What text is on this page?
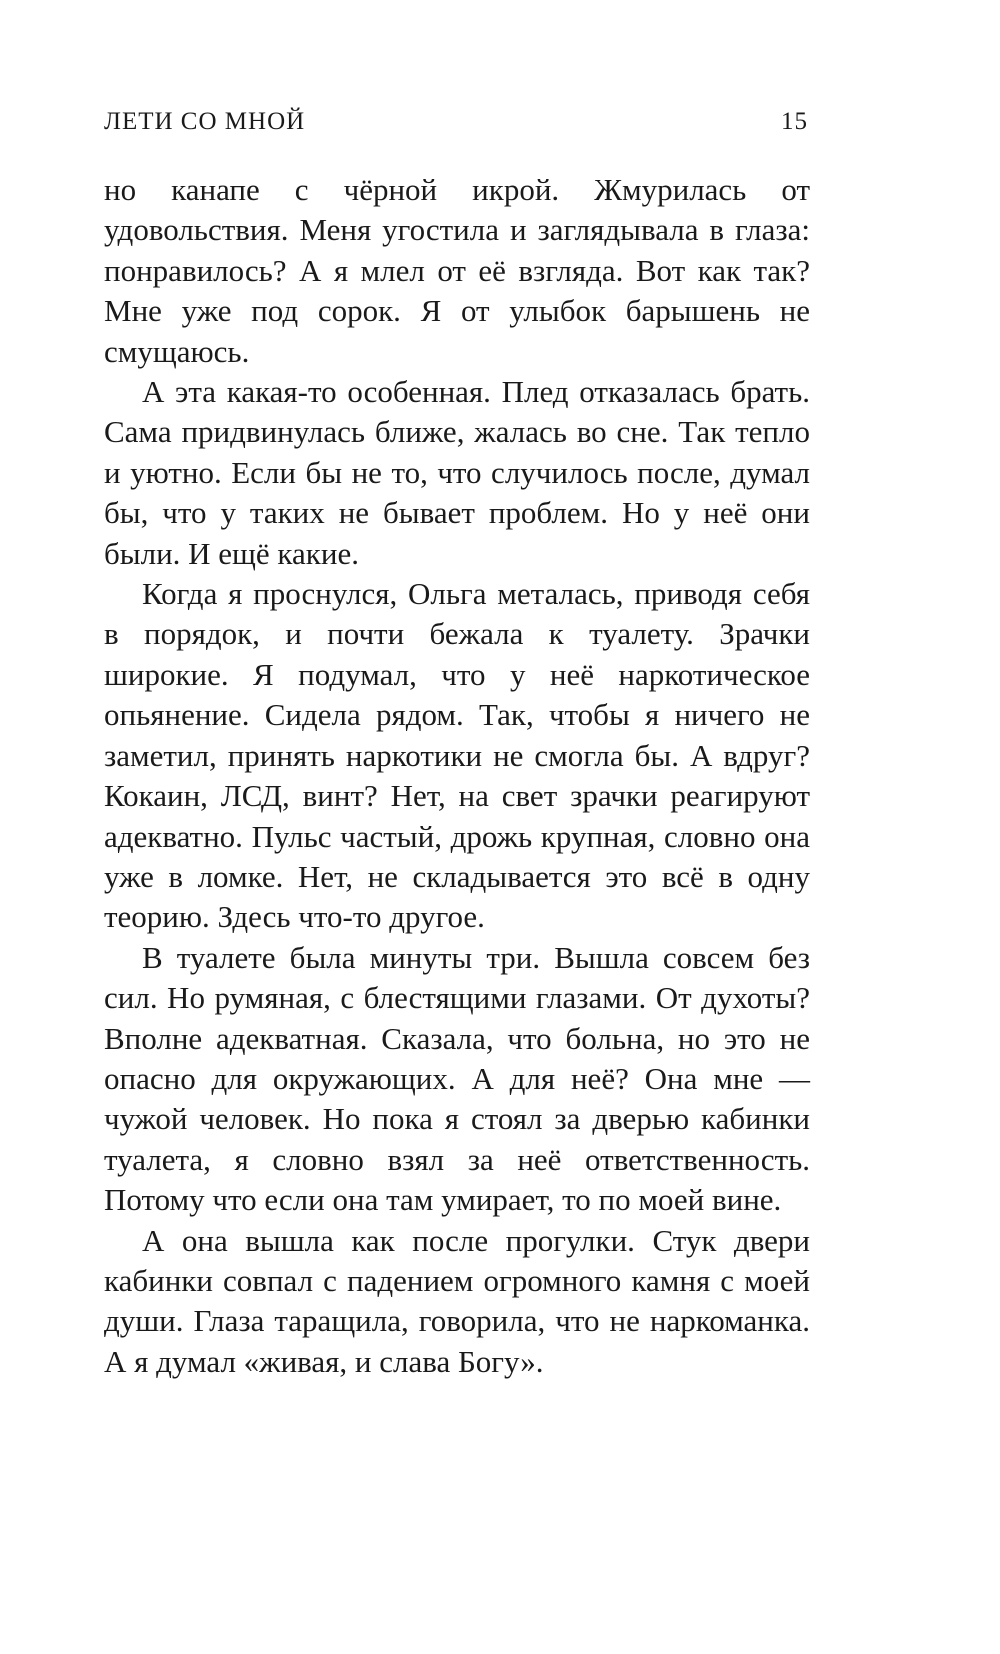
ЛЕТИ СО МНОЙ	15

но канапе с чёрной икрой. Жмурилась от удовольствия. Меня угостила и заглядывала в глаза: понравилось? А я млел от её взгляда. Вот как так? Мне уже под сорок. Я от улыбок барышень не смущаюсь.

А эта какая-то особенная. Плед отказалась брать. Сама придвинулась ближе, жалась во сне. Так тепло и уютно. Если бы не то, что случилось после, думал бы, что у таких не бывает проблем. Но у неё они были. И ещё какие.

Когда я проснулся, Ольга металась, приводя себя в порядок, и почти бежала к туалету. Зрачки широкие. Я подумал, что у неё наркотическое опьянение. Сидела рядом. Так, чтобы я ничего не заметил, принять наркотики не смогла бы. А вдруг? Кокаин, ЛСД, винт? Нет, на свет зрачки реагируют адекватно. Пульс частый, дрожь крупная, словно она уже в ломке. Нет, не складывается это всё в одну теорию. Здесь что-то другое.

В туалете была минуты три. Вышла совсем без сил. Но румяная, с блестящими глазами. От духоты? Вполне адекватная. Сказала, что больна, но это не опасно для окружающих. А для неё? Она мне — чужой человек. Но пока я стоял за дверью кабинки туалета, я словно взял за неё ответственность. Потому что если она там умирает, то по моей вине.

А она вышла как после прогулки. Стук двери кабинки совпал с падением огромного камня с моей души. Глаза таращила, говорила, что не наркоманка. А я думал «живая, и слава Богу».
